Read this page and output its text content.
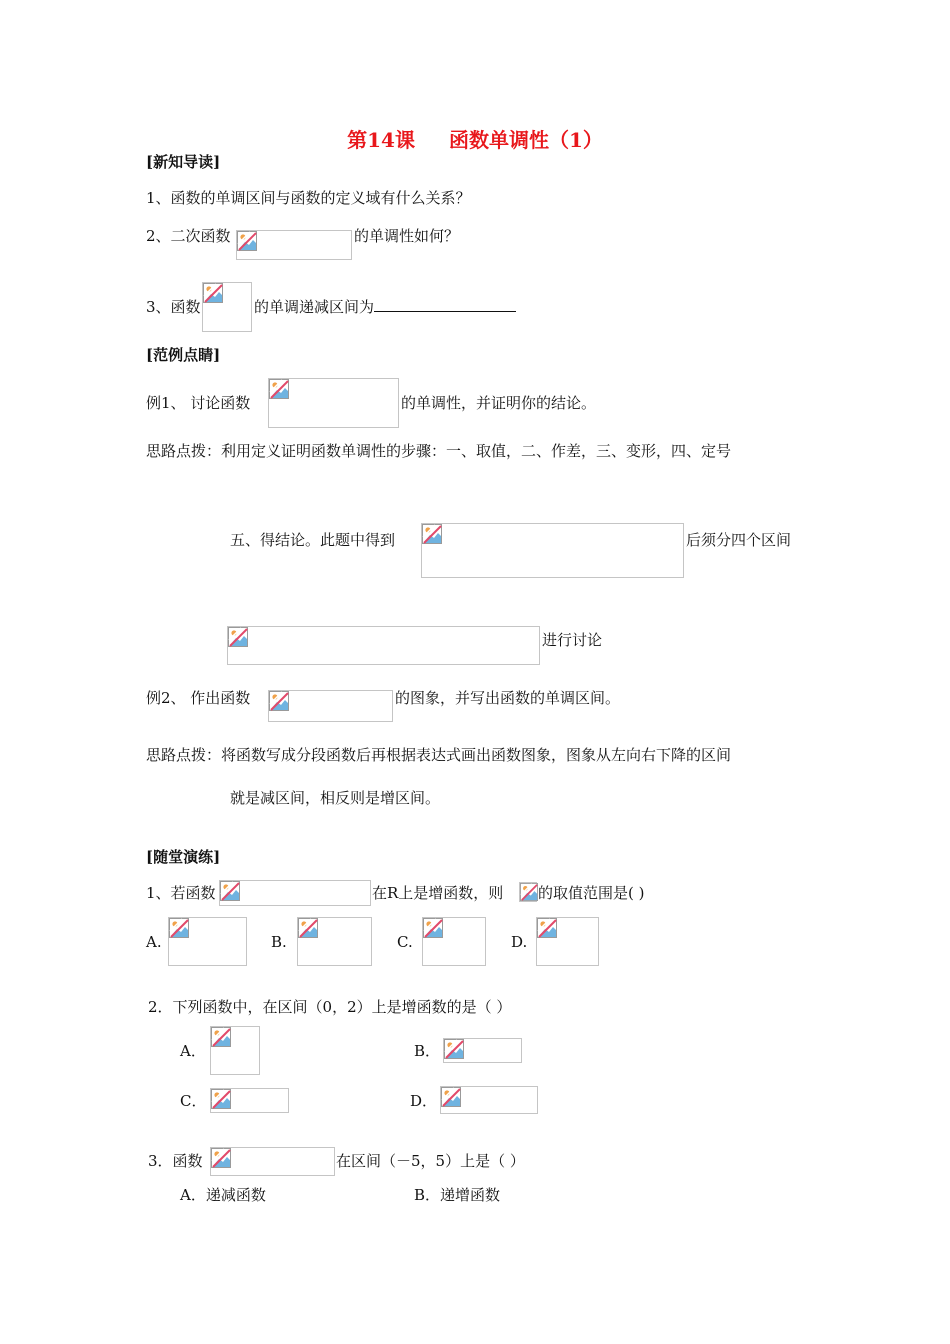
第14课 函数单调性（1）
[新知导读]
1、函数的单调区间与函数的定义域有什么关系？
2、二次函数	的单调性如何？
3、函数	的单调递减区间为
[范例点睛]
例1、 讨论函数	的单调性，并证明你的结论。
思路点拨：利用定义证明函数单调性的步骤：一、取值，二、作差，三、变形，四、定号
五、得结论。此题中得到	后须分四个区间
进行讨论
例2、 作出函数	的图象，并写出函数的单调区间。
思路点拨：将函数写成分段函数后再根据表达式画出函数图象，图象从左向右下降的区间
就是减区间，相反则是增区间。
[随堂演练]
1、若函数	在R上是增函数，则 的取值范围是( )
A.	B.	C.	D.
2．下列函数中，在区间（0，2）上是增函数的是（ ）
A．	B．
C．	D．
3．函数	在区间（－5，5）上是（ ）
A．递减函数	B．递增函数
